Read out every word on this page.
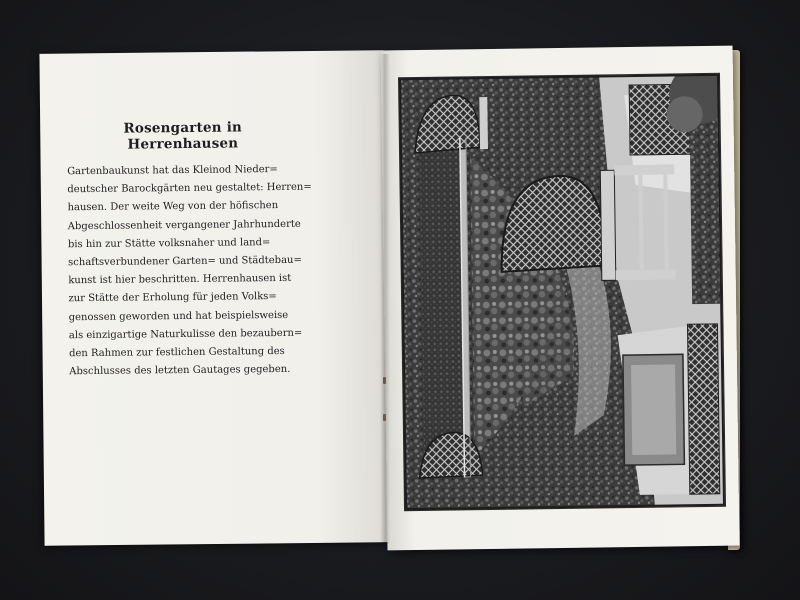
Rosengarten in Herrenhausen

Gartenbaukunst hat das Kleinod Nieder=
deutscher Barockgärten neu gestaltet: Herren=
hausen. Der weite Weg von der höfischen
Abgeschlossenheit vergangener Jahrhunderte
bis hin zur Stätte volksnaher und land=
schaftsverbundener Garten= und Städtebau=
kunst ist hier beschritten. Herrenhausen ist
zur Stätte der Erholung für jeden Volks=
genossen geworden und hat beispielsweise
als einzigartige Naturkulisse den bezaubern=
den Rahmen zur festlichen Gestaltung des
Abschlusses des letzten Gautages gegeben.
